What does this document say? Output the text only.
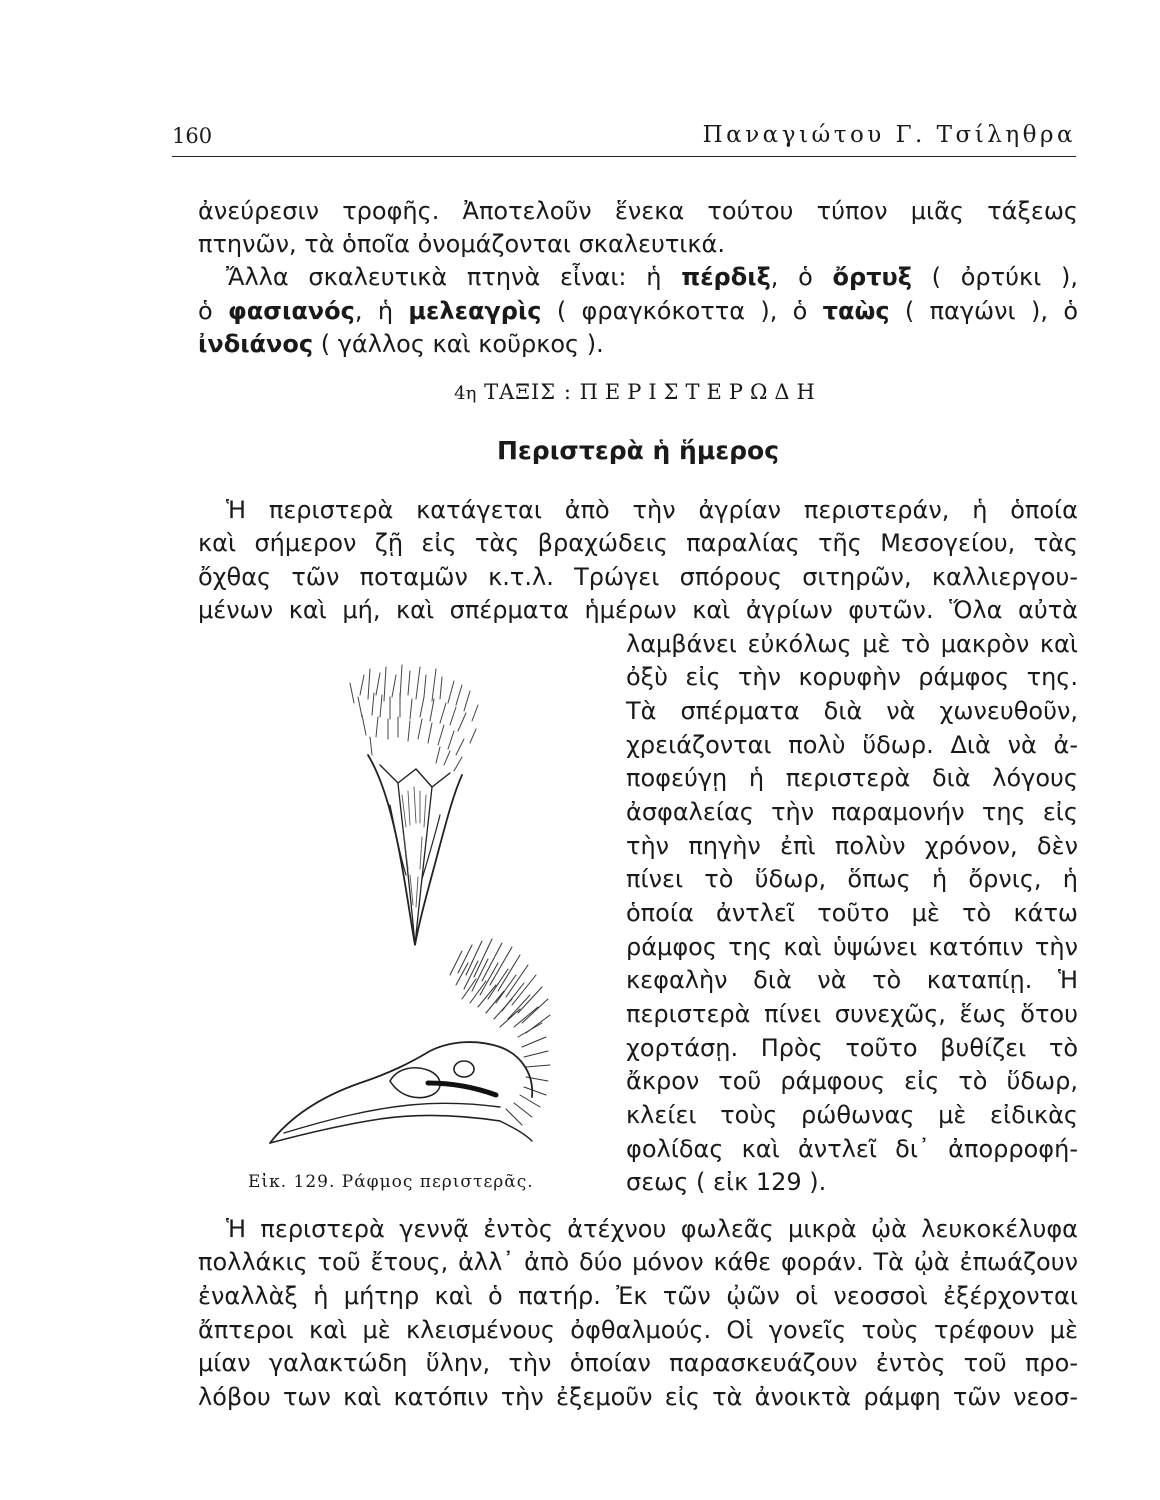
160	Παναγιώτου Γ. Τσίληθρα
ἀνεύρεσιν τροφῆς. Ἀποτελοῦν ἕνεκα τούτου τύπον μιᾶς τάξεως
πτηνῶν, τὰ ὁποῖα ὀνομάζονται σκαλευτικά.
Ἄλλα σκαλευτικὰ πτηνὰ εἶναι: ἡ πέρδιξ, ὁ ὄρτυξ ( ὀρτύκι ),
ὁ φασιανός, ἡ μελεαγρὶς ( φραγκόκοττα ), ὁ ταὼς ( παγώνι ), ὁ
ἰνδιάνος ( γάλλος καὶ κοῦρκος ).
4η ΤΑΞΙΣ : ΠΕΡΙΣΤΕΡΩΔΗ
Περιστερὰ ἡ ἥμερος
Ἡ περιστερὰ κατάγεται ἀπὸ τὴν ἀγρίαν περιστεράν, ἡ ὁποία
καὶ σήμερον ζῇ εἰς τὰς βραχώδεις παραλίας τῆς Μεσογείου, τὰς
ὄχθας τῶν ποταμῶν κ.τ.λ. Τρώγει σπόρους σιτηρῶν, καλλιεργου-
μένων καὶ μή, καὶ σπέρματα ἡμέρων καὶ ἀγρίων φυτῶν. Ὅλα αὐτὰ
λαμβάνει εὐκόλως μὲ τὸ μακρὸν καὶ
ὀξὺ εἰς τὴν κορυφὴν ράμφος της.
Τὰ σπέρματα διὰ νὰ χωνευθοῦν,
χρειάζονται πολὺ ὕδωρ. Διὰ νὰ ἀ-
ποφεύγῃ ἡ περιστερὰ διὰ λόγους
ἀσφαλείας τὴν παραμονήν της εἰς
τὴν πηγὴν ἐπὶ πολὺν χρόνον, δὲν
πίνει τὸ ὕδωρ, ὅπως ἡ ὄρνις, ἡ
ὁποία ἀντλεῖ τοῦτο μὲ τὸ κάτω
ράμφος της καὶ ὑψώνει κατόπιν τὴν
κεφαλὴν διὰ νὰ τὸ καταπίῃ. Ἡ
περιστερὰ πίνει συνεχῶς, ἕως ὅτου
χορτάσῃ. Πρὸς τοῦτο βυθίζει τὸ
ἄκρον τοῦ ράμφους εἰς τὸ ὕδωρ,
κλείει τοὺς ρώθωνας μὲ εἰδικὰς
φολίδας καὶ ἀντλεῖ δι᾽ ἀπορροφή-
σεως ( εἰκ 129 ).
Εἰκ. 129. Ράφμος περιστερᾶς.
Ἡ περιστερὰ γεννᾷ ἐντὸς ἀτέχνου φωλεᾶς μικρὰ ᾠὰ λευκοκέλυφα
πολλάκις τοῦ ἔτους, ἀλλ᾽ ἀπὸ δύο μόνον κάθε φοράν. Τὰ ᾠὰ ἐπωάζουν
ἐναλλὰξ ἡ μήτηρ καὶ ὁ πατήρ. Ἐκ τῶν ᾠῶν οἱ νεοσσοὶ ἐξέρχονται
ἄπτεροι καὶ μὲ κλεισμένους ὀφθαλμούς. Οἱ γονεῖς τοὺς τρέφουν μὲ
μίαν γαλακτώδη ὕλην, τὴν ὁποίαν παρασκευάζουν ἐντὸς τοῦ προ-
λόβου των καὶ κατόπιν τὴν ἐξεμοῦν εἰς τὰ ἀνοικτὰ ράμφη τῶν νεοσ-
